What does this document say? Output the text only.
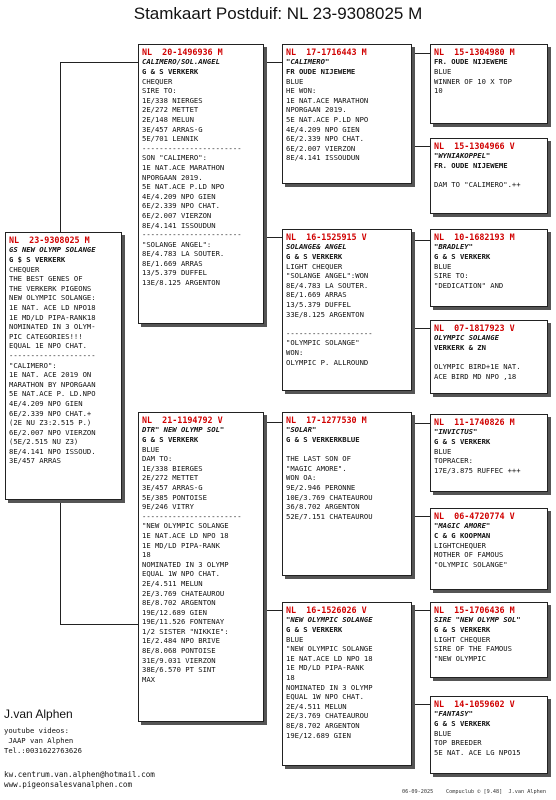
Stamkaart Postduif: NL 23-9308025 M
NL  23-9308025 M
GS NEW OLYMP SOLANGE
G $ S VERKERK
CHEQUER
THE BEST GENES OF
THE VERKERK PIGEONS
NEW OLYMPIC SOLANGE:
1E NAT. ACE LD NPO18
1E MD/LD PIPA-RANK18
NOMINATED IN 3 OLYM-
PIC CATEGORIES!!!
EQUAL 1E NPO CHAT.
--------------------
"CALIMERO":
1E NAT. ACE 2019 ON
MARATHON BY NPORGAAN
5E NAT.ACE P. LD.NPO
4E/4.209 NPO GIEN
6E/2.339 NPO CHAT.+
(2E NU Z3:2.515 P.)
6E/2.007 NPO VIERZON
(5E/2.515 NU Z3)
8E/4.141 NPO ISSOUD.
3E/457 ARRAS
NL  20-1496936 M
CALIMERO/SOL.ANGEL
G & S VERKERK
CHEQUER
SIRE TO:
1E/338 NIERGES
2E/272 METTET
2E/148 MELUN
3E/457 ARRAS-G
5E/701 LENNIK
-----------------------
SON "CALIMERO":
1E NAT.ACE MARATHON
NPORGAAN 2019.
5E NAT.ACE P.LD NPO
4E/4.209 NPO GIEN
6E/2.339 NPO CHAT.
6E/2.007 VIERZON
8E/4.141 ISSOUDUN
-----------------------
"SOLANGE ANGEL":
8E/4.783 LA SOUTER.
8E/1.669 ARRAS
13/5.379 DUFFEL
13E/8.125 ARGENTON
NL  21-1194792 V
DTR" NEW OLYMP SOL"
G & S VERKERK
BLUE
DAM TO:
1E/338 BIERGES
2E/272 METTET
3E/457 ARRAS-G
5E/385 PONTOISE
9E/246 VITRY
-----------------------
"NEW OLYMPIC SOLANGE
1E NAT.ACE LD NPO 18
1E MD/LD PIPA-RANK
18
NOMINATED IN 3 OLYMP
EQUAL 1W NPO CHAT.
2E/4.511 MELUN
2E/3.769 CHATEAUROU
8E/8.702 ARGENTON
19E/12.689 GIEN
19E/11.526 FONTENAY
1/2 SISTER "NIKKIE":
1E/2.484 NPO BRIVE
8E/8.068 PONTOISE
31E/9.031 VIERZON
38E/6.570 PT SINT
MAX
NL  17-1716443 M
"CALIMERO"
FR OUDE NIJEWEME
BLUE
HE WON:
1E NAT.ACE MARATHON
NPORGAAN 2019.
5E NAT.ACE P.LD NPO
4E/4.209 NPO GIEN
6E/2.339 NPO CHAT.
6E/2.007 VIERZON
8E/4.141 ISSOUDUN
NL  16-1525915 V
SOLANGE& ANGEL
G & S VERKERK
LIGHT CHEQUER
"SOLANGE ANGEL":WON
8E/4.783 LA SOUTER.
8E/1.669 ARRAS
13/5.379 DUFFEL
33E/8.125 ARGENTON

--------------------
"OLYMPIC SOLANGE"
WON:
OLYMPIC P. ALLROUND
NL  17-1277530 M
"SOLAR"
G & S VERKERKBLUE

THE LAST SON OF
"MAGIC AMORE".
WON OA:
9E/2.946 PERONNE
10E/3.769 CHATEAUROU
36/8.702 ARGENTON
52E/7.151 CHATEAUROU
NL  16-1526026 V
"NEW OLYMPIC SOLANGE
G & S VERKERK
BLUE
"NEW OLYMPIC SOLANGE
1E NAT.ACE LD NPO 18
1E MD/LD PIPA-RANK
18
NOMINATED IN 3 OLYMP
EQUAL 1W NPO CHAT.
2E/4.511 MELUN
2E/3.769 CHATEAUROU
8E/8.702 ARGENTON
19E/12.689 GIEN
NL  15-1304980 M
FR. OUDE NIJEWEME
BLUE
WINNER OF 10 X TOP
10
NL  15-1304966 V
"WYNIAKOPPEL"
FR. OUDE NIJEWEME

DAM TO "CALIMERO".++
NL  10-1682193 M
"BRADLEY"
G & S VERKERK
BLUE
SIRE TO:
"DEDICATION" AND
NL  07-1817923 V
OLYMPIC SOLANGE
VERKERK & ZN

OLYMPIC BIRD+1E NAT.
ACE BIRD MD NPO ,18
NL  11-1740826 M
"INVICTUS"
G & S VERKERK
BLUE
TOPRACER:
17E/3.875 RUFFEC +++
NL  06-4720774 V
"MAGIC AMORE"
C & G KOOPMAN
LIGHTCHEQUER
MOTHER OF FAMOUS
"OLYMPIC SOLANGE"
NL  15-1706436 M
SIRE "NEW OLYMP SOL"
G & S VERKERK
LIGHT CHEQUER
SIRE OF THE FAMOUS
"NEW OLYMPIC
NL  14-1059602 V
"FANTASY"
G & S VERKERK
BLUE
TOP BREEDER
5E NAT. ACE LG NPO15
J.van Alphen
youtube videos:
JAAP van Alphen
Tel.:0031622763626
kw.centrum.van.alphen@hotmail.com
www.pigeonsalesvanalphen.com
06-09-2025 Compuclub © [9.48]  J.van Alphen
